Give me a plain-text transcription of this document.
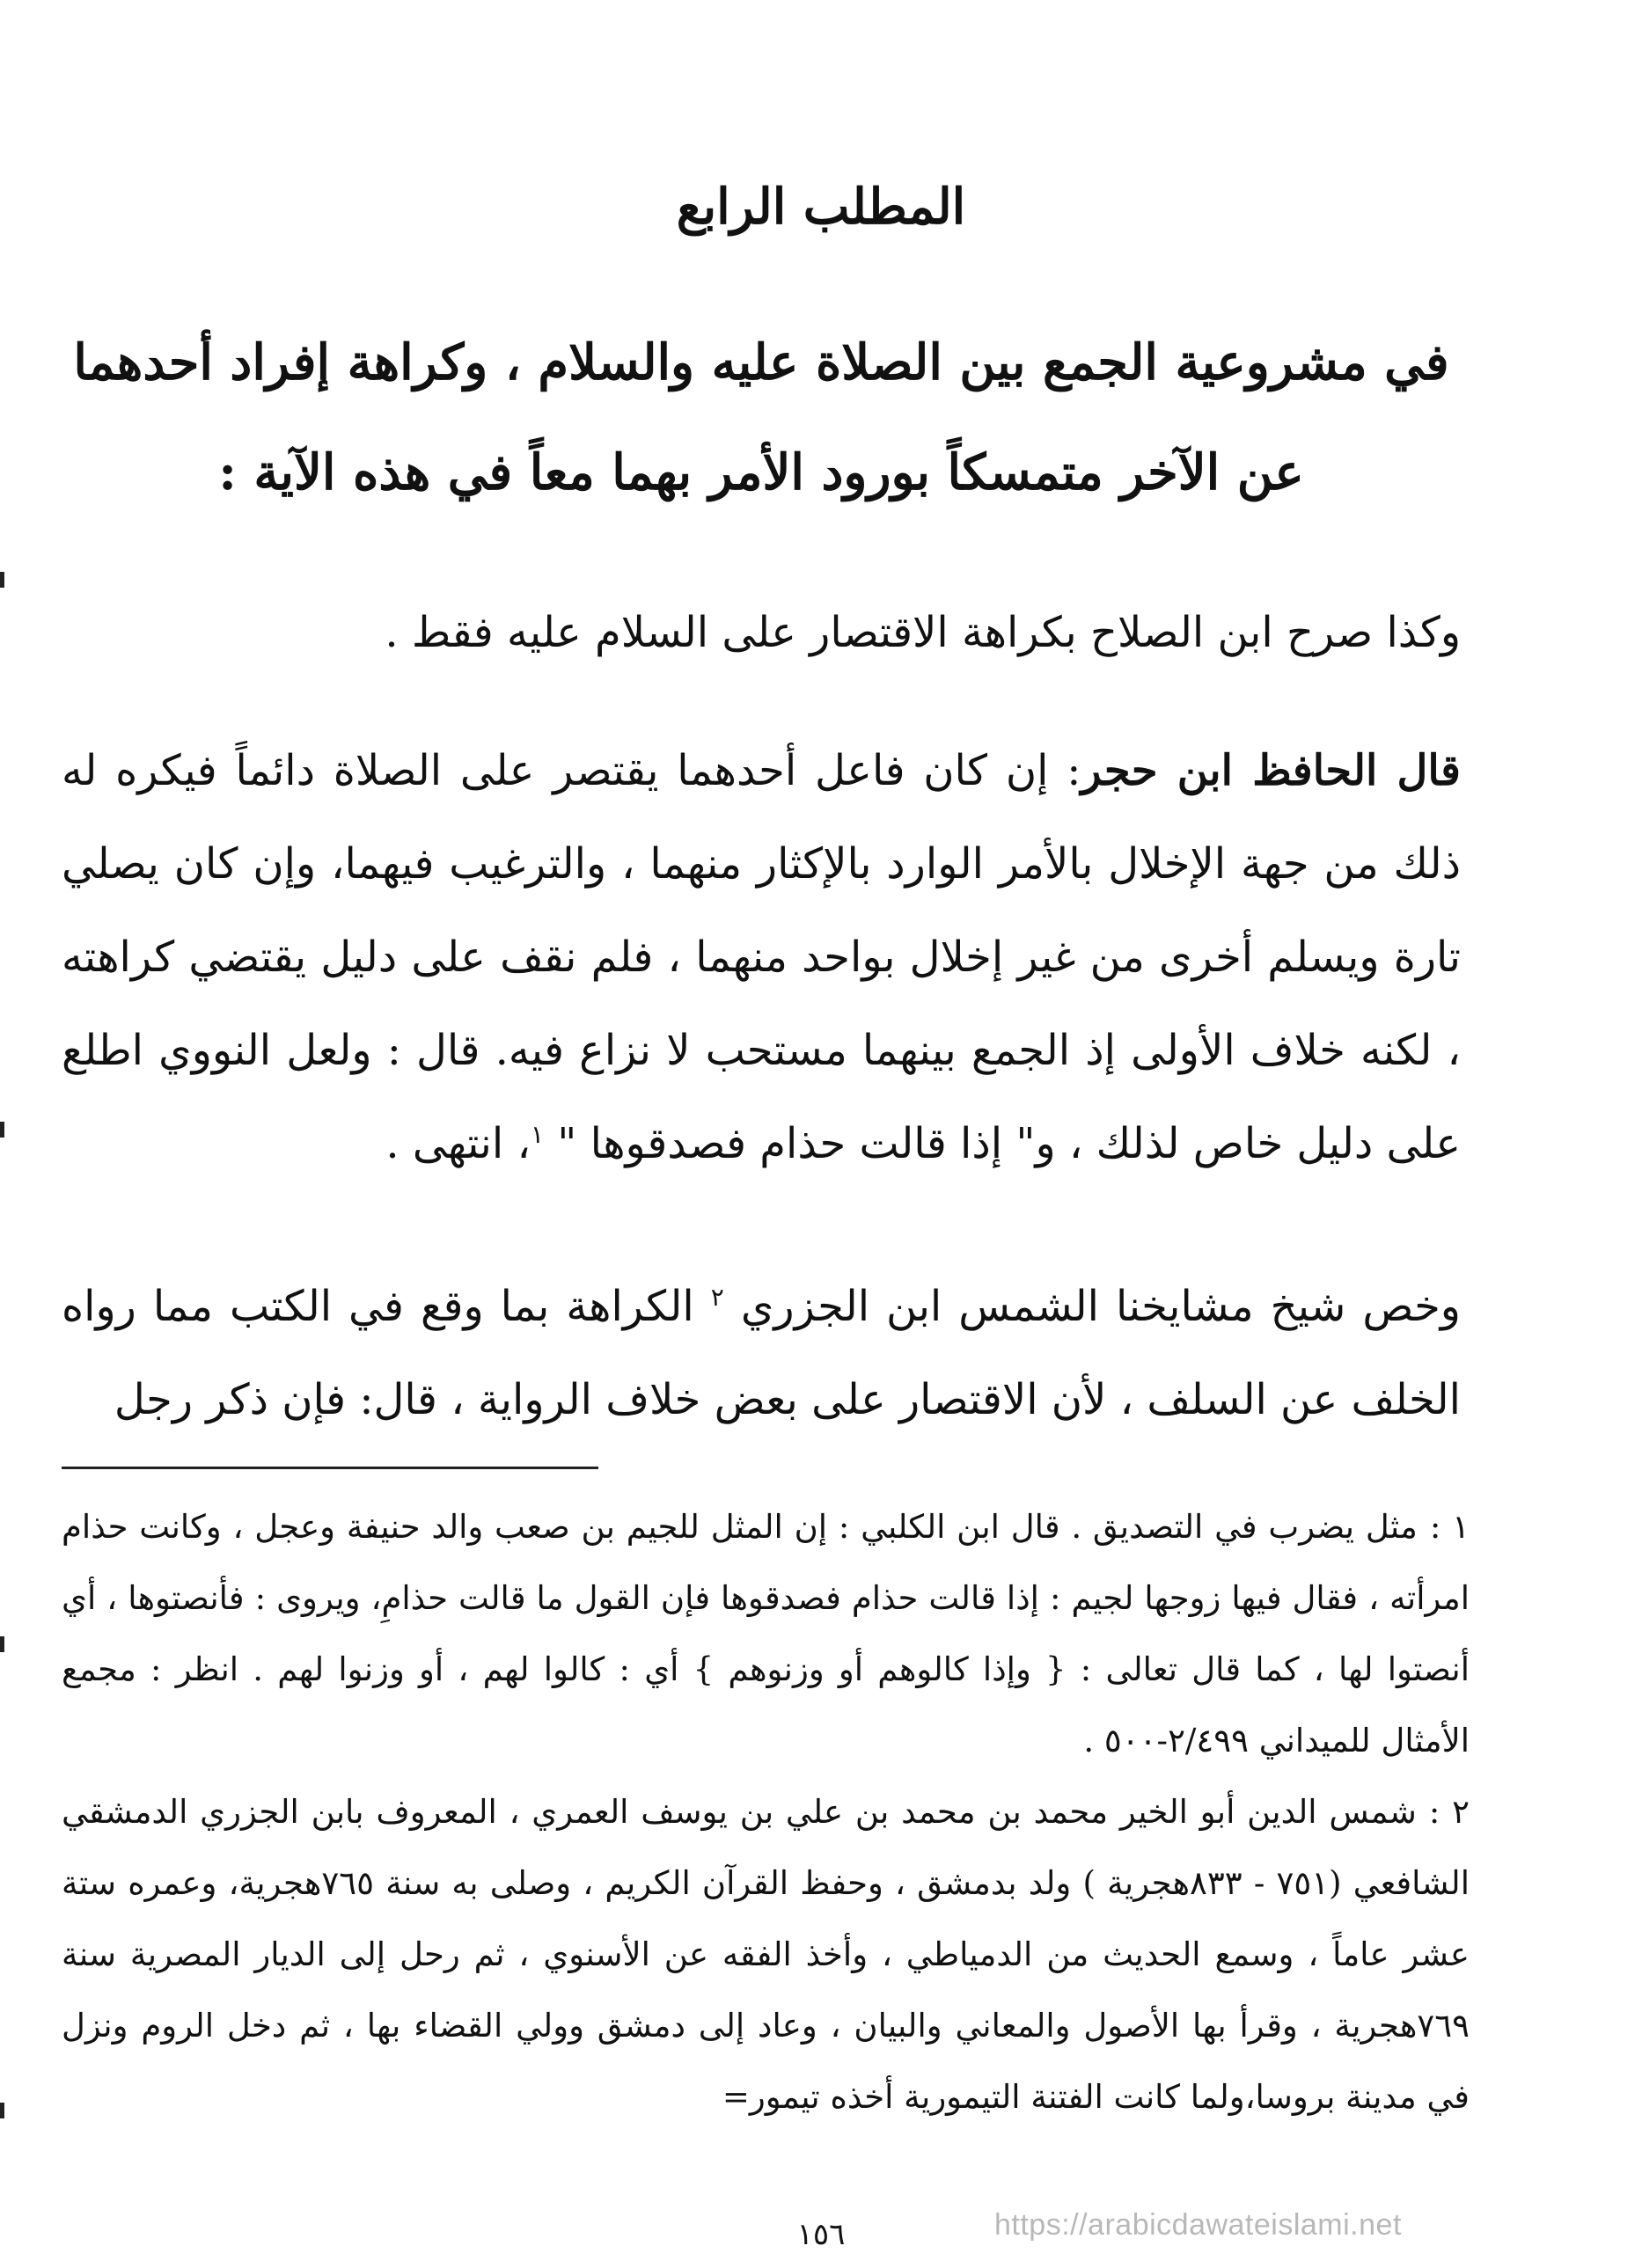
المطلب الرابع
في مشروعية الجمع بين الصلاة عليه والسلام ، وكراهة إفراد أحدهما عن الآخر متمسكاً بورود الأمر بهما معاً في هذه الآية :

وكذا صرح ابن الصلاح بكراهة الاقتصار على السلام عليه فقط .

قال الحافظ ابن حجر: إن كان فاعل أحدهما يقتصر على الصلاة دائماً فيكره له ذلك من جهة الإخلال بالأمر الوارد بالإكثار منهما ، والترغيب فيهما، وإن كان يصلي تارة ويسلم أخرى من غير إخلال بواحد منهما ، فلم نقف على دليل يقتضي كراهته ، لكنه خلاف الأولى إذ الجمع بينهما مستحب لا نزاع فيه. قال : ولعل النووي اطلع على دليل خاص لذلك ، و" إذا قالت حذام فصدقوها " $^١$، انتهى .

وخص شيخ مشايخنا الشمس ابن الجزري $^٢$ الكراهة بما وقع في الكتب مما رواه الخلف عن السلف ، لأن الاقتصار على بعض خلاف الرواية ، قال: فإن ذكر رجل

١ :مثل يضرب في التصديق . قال ابن الكلبي : إن المثل للجيم بن صعب والد حنيفة وعجل ، وكانت حذام امرأته ، فقال فيها زوجها لجيم : إذا قالت حذام فصدقوها فإن القول ما قالت حذامِ، ويروى : فأنصتوها ، أي أنصتوا لها ، كما قال تعالى : { وإذا كالوهم أو وزنوهم } أي : كالوا لهم ، أو وزنوا لهم . انظر : مجمع الأمثال للميداني ٢/٤٩٩-٥٠٠ .

٢ :شمس الدين أبو الخير محمد بن محمد بن علي بن يوسف العمري ، المعروف بابن الجزري الدمشقي الشافعي (٧٥١ - ٨٣٣هجرية ) ولد بدمشق ، وحفظ القرآن الكريم ، وصلى به سنة ٧٦٥هجرية، وعمره ستة عشر عاماً ، وسمع الحديث من الدمياطي ، وأخذ الفقه عن الأسنوي ، ثم رحل إلى الديار المصرية سنة ٧٦٩هجرية ، وقرأ بها الأصول والمعاني والبيان ، وعاد إلى دمشق وولي القضاء بها ، ثم دخل الروم ونزل في مدينة بروسا،ولما كانت الفتنة التيمورية أخذه تيمور=

١٥٦	https://arabicdawateislami.net
